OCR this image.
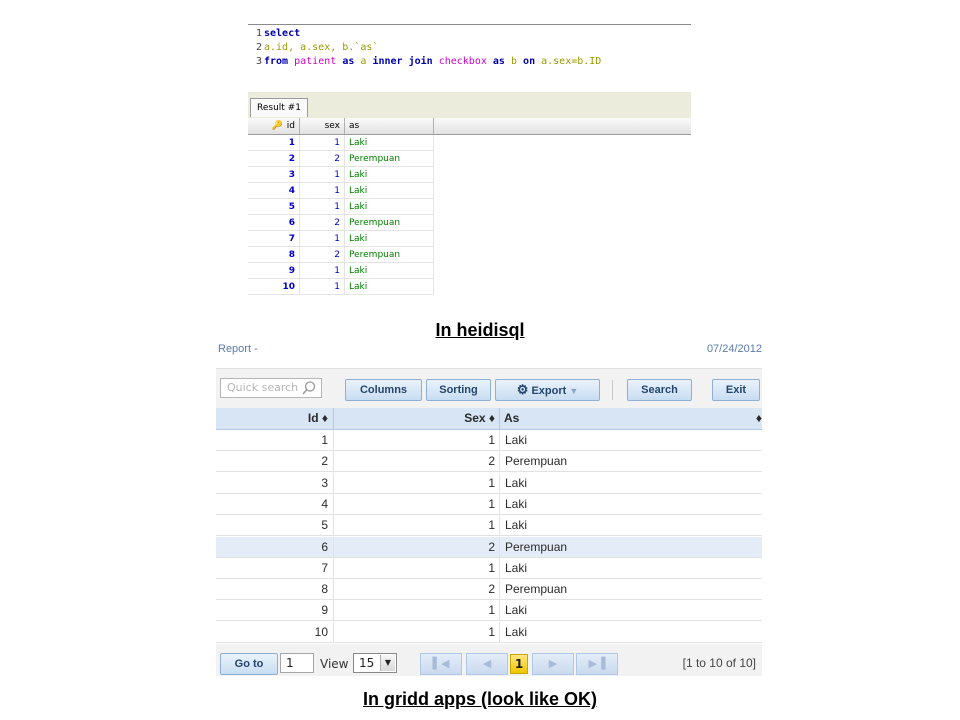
1 select
2 a.id, a.sex, b.`as`
3 from patient as a inner join checkbox as b on a.sex=b.ID
Result #1
🔑 id	sex	as
1	1	Laki
2	2	Perempuan
3	1	Laki
4	1	Laki
5	1	Laki
6	2	Perempuan
7	1	Laki
8	2	Perempuan
9	1	Laki
10	1	Laki
In heidisql
Report -	07/24/2012
Quick search	Columns	Sorting	⚙ Export ▼	Search	Exit
Id ♦	Sex ♦ As	♦
1	1 Laki
2	2 Perempuan
3	1 Laki
4	1 Laki
5	1 Laki
6	2 Perempuan
7	1 Laki
8	2 Perempuan
9	1 Laki
10	1 Laki
Go to	1	View 15	▼	▌◀	◀	1	▶	▶▐	[1 to 10 of 10]
In gridd apps (look like OK)
